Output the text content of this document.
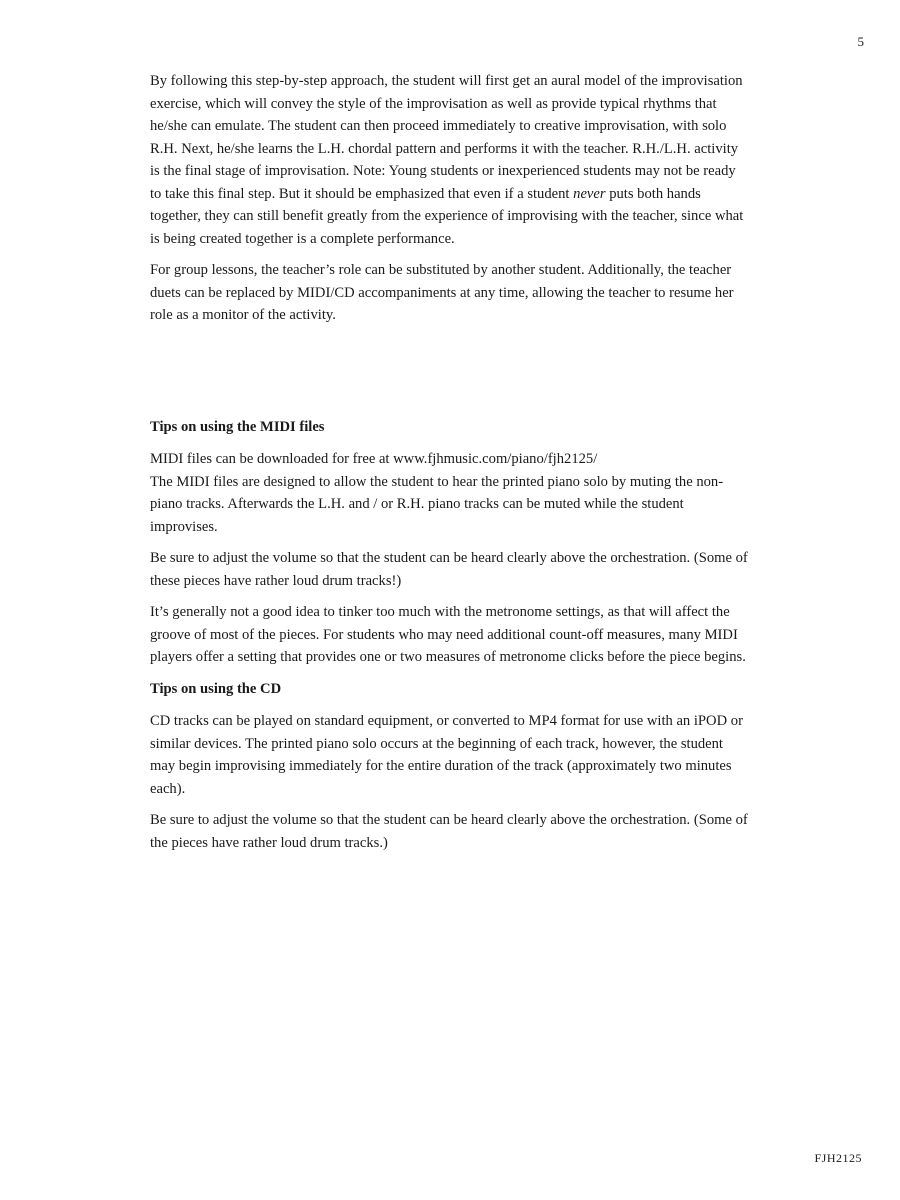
5

By following this step-by-step approach, the student will first get an aural model of the improvisation exercise, which will convey the style of the improvisation as well as provide typical rhythms that he/she can emulate. The student can then proceed immediately to creative improvisation, with solo R.H. Next, he/she learns the L.H. chordal pattern and performs it with the teacher. R.H./L.H. activity is the final stage of improvisation. Note: Young students or inexperienced students may not be ready to take this final step. But it should be emphasized that even if a student never puts both hands together, they can still benefit greatly from the experience of improvising with the teacher, since what is being created together is a complete performance.

For group lessons, the teacher’s role can be substituted by another student. Additionally, the teacher duets can be replaced by MIDI/CD accompaniments at any time, allowing the teacher to resume her role as a monitor of the activity.

Tips on using the MIDI files

MIDI files can be downloaded for free at www.fjhmusic.com/piano/fjh2125/

The MIDI files are designed to allow the student to hear the printed piano solo by muting the non-piano tracks. Afterwards the L.H. and / or R.H. piano tracks can be muted while the student improvises.

Be sure to adjust the volume so that the student can be heard clearly above the orchestration. (Some of these pieces have rather loud drum tracks!)

It’s generally not a good idea to tinker too much with the metronome settings, as that will affect the groove of most of the pieces. For students who may need additional count-off measures, many MIDI players offer a setting that provides one or two measures of metronome clicks before the piece begins.

Tips on using the CD

CD tracks can be played on standard equipment, or converted to MP4 format for use with an iPOD or similar devices. The printed piano solo occurs at the beginning of each track, however, the student may begin improvising immediately for the entire duration of the track (approximately two minutes each).

Be sure to adjust the volume so that the student can be heard clearly above the orchestration. (Some of the pieces have rather loud drum tracks.)

FJH2125
